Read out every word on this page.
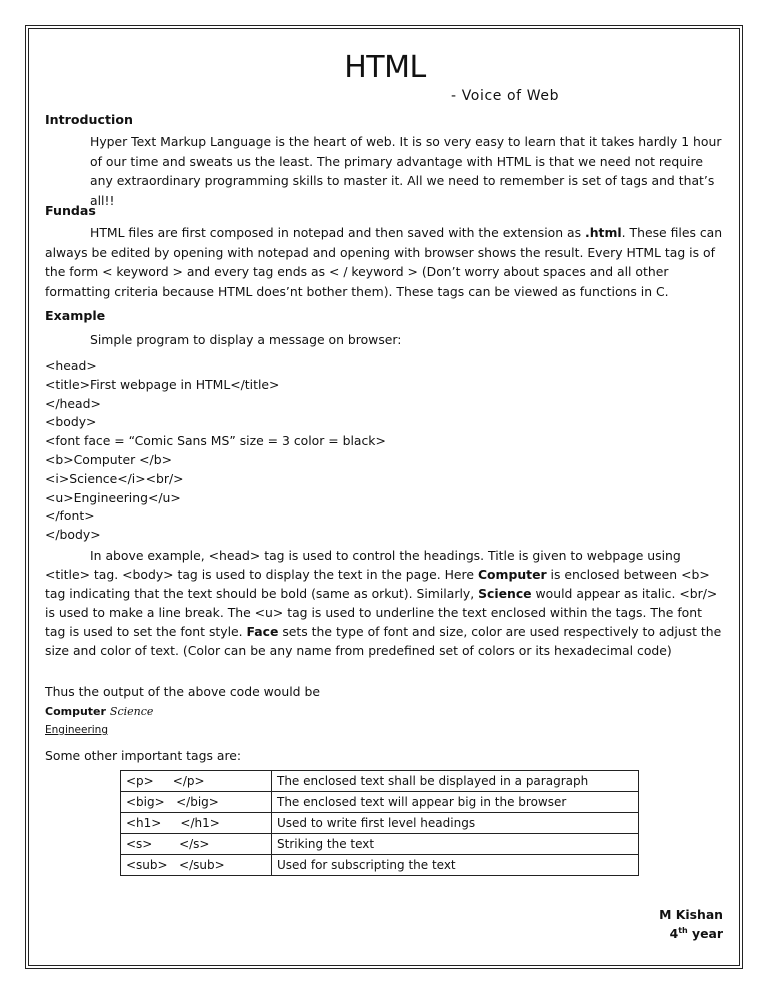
HTML
- Voice of Web
Introduction
Hyper Text Markup Language is the heart of web. It is so very easy to learn that it takes hardly 1 hour of our time and sweats us the least. The primary advantage with HTML is that we need not require any extraordinary programming skills to master it. All we need to remember is set of tags and that’s all!!
Fundas
HTML files are first composed in notepad and then saved with the extension as .html. These files can always be edited by opening with notepad and opening with browser shows the result. Every HTML tag is of the form < keyword > and every tag ends as < / keyword > (Don’t worry about spaces and all other formatting criteria because HTML does’nt bother them). These tags can be viewed as functions in C.
Example
Simple program to display a message on browser:
<head>
<title>First webpage in HTML</title>
</head>
<body>
<font face = “Comic Sans MS” size = 3 color = black>
<b>Computer </b>
<i>Science</i><br/>
<u>Engineering</u>
</font>
</body>
In above example, <head> tag is used to control the headings. Title is given to webpage using <title> tag. <body> tag is used to display the text in the page. Here Computer is enclosed between <b> tag indicating that the text should be bold (same as orkut). Similarly, Science would appear as italic. <br/> is used to make a line break. The <u> tag is used to underline the text enclosed within the tags. The font tag is used to set the font style. Face sets the type of font and size, color are used respectively to adjust the size and color of text. (Color can be any name from predefined set of colors or its hexadecimal code)
Thus the output of the above code would be
Computer Science
Engineering
Some other important tags are:
<p>     </p>	The enclosed text shall be displayed in a paragraph
<big>   </big>	The enclosed text will appear big in the browser
<h1>     </h1>	Used to write first level headings
<s>       </s>	Striking the text
<sub>   </sub>	Used for subscripting the text
M Kishan
4th year
